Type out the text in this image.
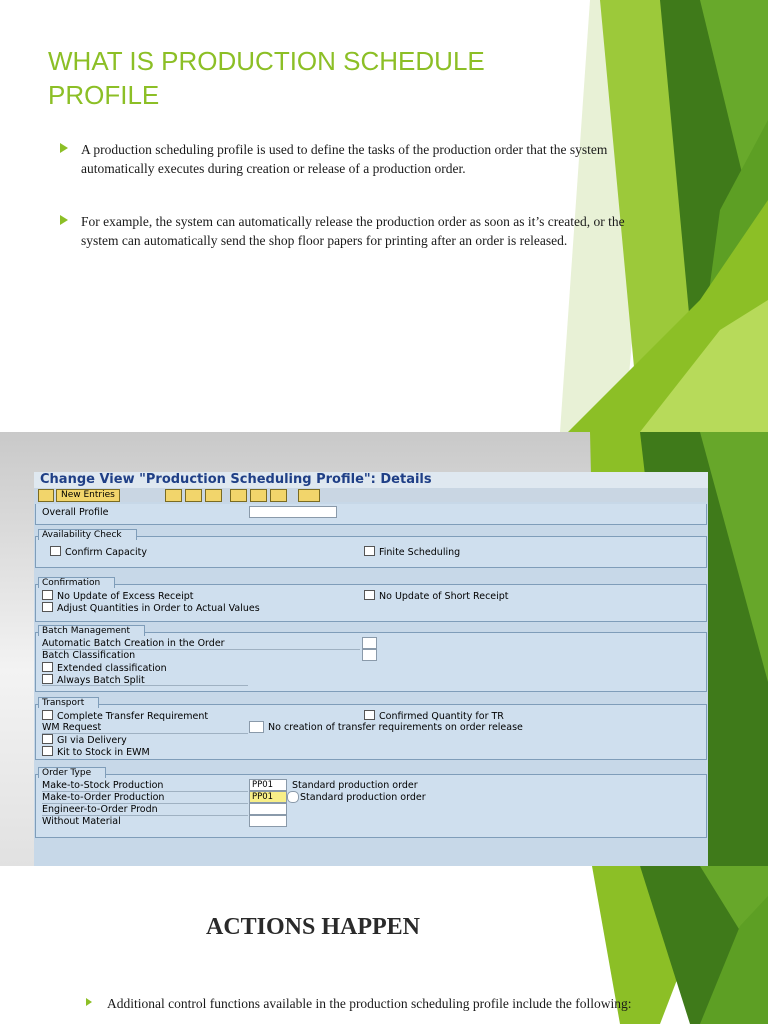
WHAT IS PRODUCTION SCHEDULE PROFILE
A production scheduling profile is used to define the tasks of the production order that the system automatically executes during creation or release of a production order.
For example, the system can automatically release the production order as soon as it’s created, or the system can automatically send the shop floor papers for printing after an order is released.
Change View "Production Scheduling Profile": Details
New Entries
Overall Profile
Availability Check
Confirm Capacity	Finite Scheduling
Confirmation
No Update of Excess Receipt	No Update of Short Receipt
Adjust Quantities in Order to Actual Values
Batch Management
Automatic Batch Creation in the Order
Batch Classification
Extended classification
Always Batch Split
Transport
Complete Transfer Requirement	Confirmed Quantity for TR
WM Request	No creation of transfer requirements on order release
GI via Delivery
Kit to Stock in EWM
Order Type
Make-to-Stock Production	PP01	Standard production order
Make-to-Order Production	PP01	Standard production order
Engineer-to-Order Prodn
Without Material
ACTIONS HAPPEN
Additional control functions available in the production scheduling profile include the following:
